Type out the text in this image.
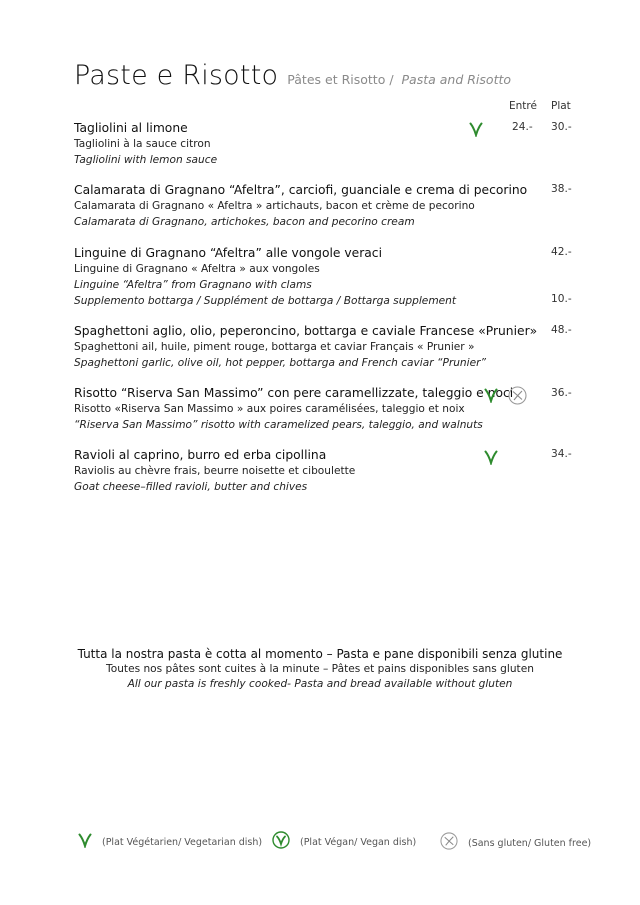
Paste e Risotto Pâtes et Risotto / Pasta and Risotto
Entré Plat
Tagliolini al limone
Tagliolini à la sauce citron
Tagliolini with lemon sauce
24.- 30.-
Calamarata di Gragnano “Afeltra”, carciofi, guanciale e crema di pecorino
Calamarata di Gragnano « Afeltra » artichauts, bacon et crème de pecorino
Calamarata di Gragnano, artichokes, bacon and pecorino cream
38.-
Linguine di Gragnano “Afeltra” alle vongole veraci
Linguine di Gragnano « Afeltra » aux vongoles
Linguine “Afeltra” from Gragnano with clams
Supplemento bottarga / Supplément de bottarga / Bottarga supplement
42.-
10.-
Spaghettoni aglio, olio, peperoncino, bottarga e caviale Francese «Prunier»
Spaghettoni ail, huile, piment rouge, bottarga et caviar Français « Prunier »
Spaghettoni garlic, olive oil, hot pepper, bottarga and French caviar “Prunier”
48.-
Risotto “Riserva San Massimo” con pere caramellizzate, taleggio e noci
Risotto «Riserva San Massimo » aux poires caramélisées, taleggio et noix
“Riserva San Massimo” risotto with caramelized pears, taleggio, and walnuts
36.-
Ravioli al caprino, burro ed erba cipollina
Raviolis au chèvre frais, beurre noisette et ciboulette
Goat cheese–filled ravioli, butter and chives
34.-
Tutta la nostra pasta è cotta al momento – Pasta e pane disponibili senza glutine
Toutes nos pâtes sont cuites à la minute – Pâtes et pains disponibles sans gluten
All our pasta is freshly cooked- Pasta and bread available without gluten
(Plat Végétarien/ Vegetarian dish)	(Plat Végan/ Vegan dish)	(Sans gluten/ Gluten free)
